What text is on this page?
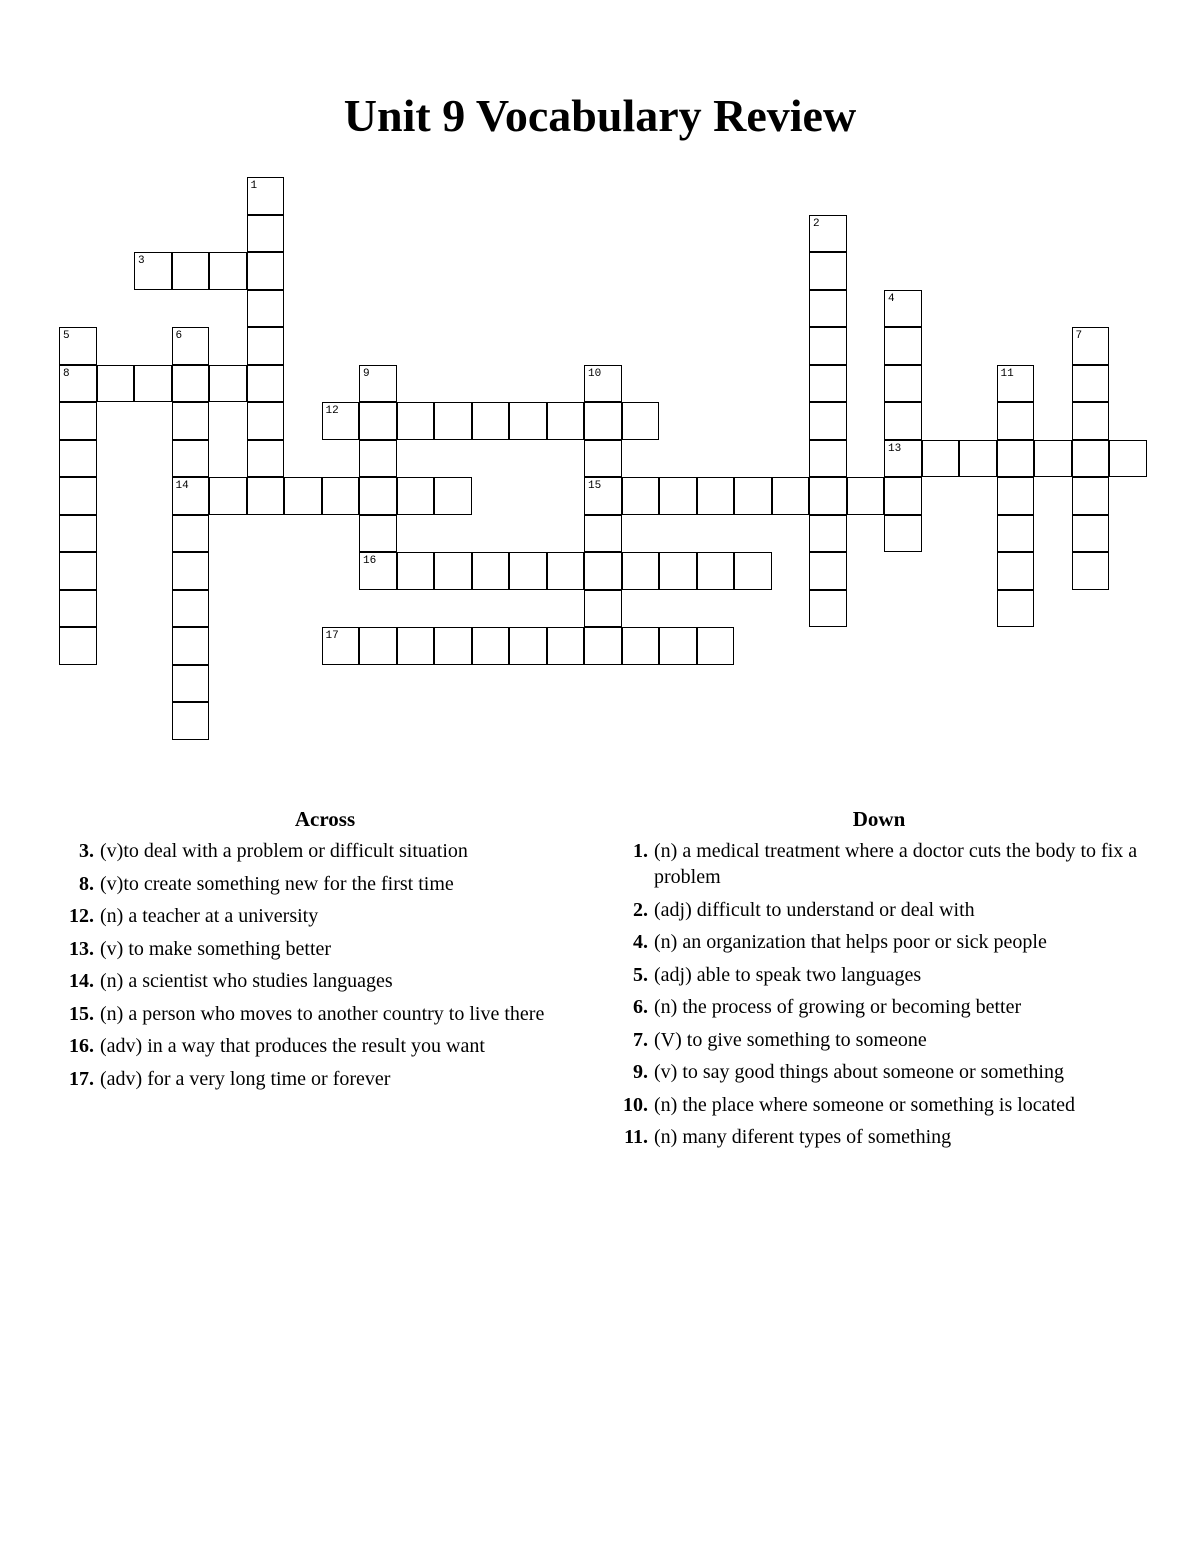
Unit 9 Vocabulary Review
1
2
3
4
13
5
8
6
14
7
9
16
10
15
11
12
17
Across
3. (v)to deal with a problem or difficult situation
8. (v)to create something new for the first time
12. (n) a teacher at a university
13. (v) to make something better
14. (n) a scientist who studies languages
15. (n) a person who moves to another country to live there
16. (adv) in a way that produces the result you want
17. (adv) for a very long time or forever
Down
1. (n) a medical treatment where a doctor cuts the body to fix a problem
2. (adj) difficult to understand or deal with
4. (n) an organization that helps poor or sick people
5. (adj) able to speak two languages
6. (n) the process of growing or becoming better
7. (V) to give something to someone
9. (v) to say good things about someone or something
10. (n) the place where someone or something is located
11. (n) many diferent types of something
